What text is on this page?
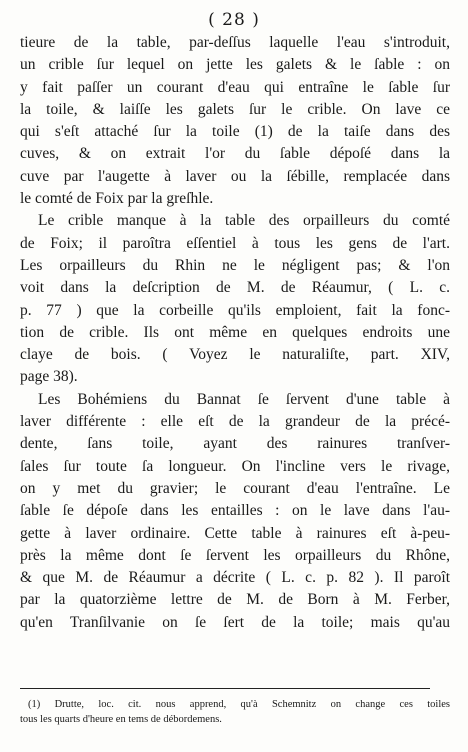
( 28 )

tieure de la table, par-deſſus laquelle l'eau s'introduit,
un crible ſur lequel on jette les galets & le ſable : on
y fait paſſer un courant d'eau qui entraîne le ſable ſur
la toile, & laiſſe les galets ſur le crible. On lave ce
qui s'eſt attaché ſur la toile (1) de la taiſe dans des
cuves, & on extrait l'or du ſable dépoſé dans la
cuve par l'augette à laver ou la ſébille, remplacée dans
le comté de Foix par la greſhle.

Le crible manque à la table des orpailleurs du comté
de Foix; il paroîtra eſſentiel à tous les gens de l'art.
Les orpailleurs du Rhin ne le négligent pas; & l'on
voit dans la deſcription de M. de Réaumur, ( L. c.
p. 77 ) que la corbeille qu'ils emploient, fait la fonc-
tion de crible. Ils ont même en quelques endroits une
claye de bois. ( Voyez le naturaliſte, part. XIV,
page 38).

Les Bohémiens du Bannat ſe ſervent d'une table à
laver différente : elle eſt de la grandeur de la précé-
dente, ſans toile, ayant des rainures tranſver-
ſales ſur toute ſa longueur. On l'incline vers le rivage,
on y met du gravier; le courant d'eau l'entraîne. Le
ſable ſe dépoſe dans les entailles : on le lave dans l'au-
gette à laver ordinaire. Cette table à rainures eſt à-peu-
près la même dont ſe ſervent les orpailleurs du Rhône,
& que M. de Réaumur a décrite ( L. c. p. 82 ). Il paroît
par la quatorzième lettre de M. de Born à M. Ferber,
qu'en Tranſilvanie on ſe ſert de la toile; mais qu'au

(1) Drutte, loc. cit. nous apprend, qu'à Schemnitz on change ces toiles
tous les quarts d'heure en tems de débordemens.
